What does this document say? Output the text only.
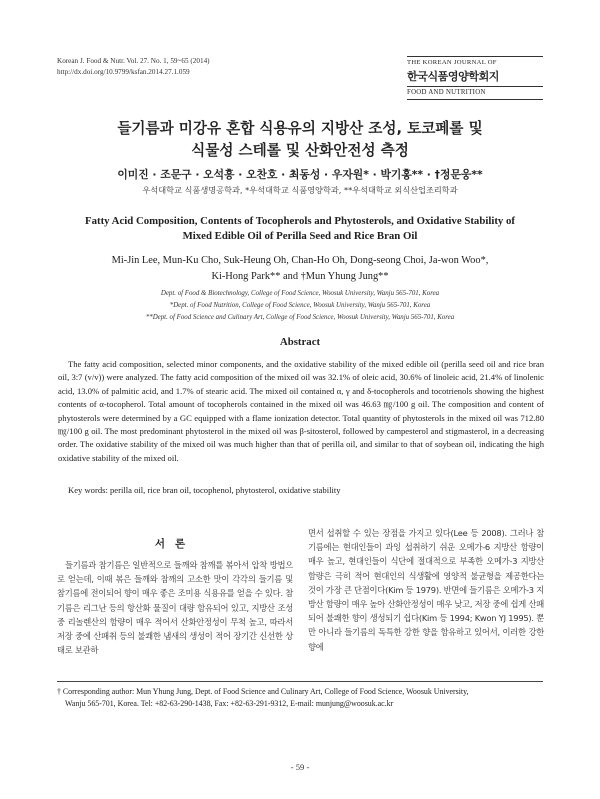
Korean J. Food & Nutr. Vol. 27. No. 1, 59~65 (2014)
http://dx.doi.org/10.9799/ksfan.2014.27.1.059
THE KOREAN JOURNAL OF
한국식품영양학회지
FOOD AND NUTRITION
들기름과 미강유 혼합 식용유의 지방산 조성, 토코페롤 및
식물성 스테롤 및 산화안전성 측정
이미진 · 조문구 · 오석흥 · 오찬호 · 최동성 · 우자원* · 박기홍** · †정문웅**
우석대학교 식품생명공학과, *우석대학교 식품영양학과, **우석대학교 외식산업조리학과
Fatty Acid Composition, Contents of Tocopherols and Phytosterols, and Oxidative Stability of
Mixed Edible Oil of Perilla Seed and Rice Bran Oil
Mi-Jin Lee, Mun-Ku Cho, Suk-Heung Oh, Chan-Ho Oh, Dong-seong Choi, Ja-won Woo*,
Ki-Hong Park** and †Mun Yhung Jung**
Dept. of Food & Biotechnology, College of Food Science, Woosuk University, Wanju 565-701, Korea
*Dept. of Food Nutrition, College of Food Science, Woosuk University, Wanju 565-701, Korea
**Dept. of Food Science and Culinary Art, College of Food Science, Woosuk University, Wanju 565-701, Korea
Abstract
The fatty acid composition, selected minor components, and the oxidative stability of the mixed edible oil (perilla seed oil and rice bran oil, 3:7 (v/v)) were analyzed. The fatty acid composition of the mixed oil was 32.1% of oleic acid, 30.6% of linoleic acid, 21.4% of linolenic acid, 13.0% of palmitic acid, and 1.7% of stearic acid. The mixed oil contained α, γ and δ-tocopherols and tocotrienols showing the highest contents of α-tocopherol. Total amount of tocopherols contained in the mixed oil was 46.63 ㎎/100 g oil. The composition and content of phytosterols were determined by a GC equipped with a flame ionization detector. Total quantity of phytosterols in the mixed oil was 712.80 ㎎/100 g oil. The most predominant phytosterol in the mixed oil was β-sitosterol, followed by campesterol and stigmasterol, in a decreasing order. The oxidative stability of the mixed oil was much higher than that of perilla oil, and similar to that of soybean oil, indicating the high oxidative stability of the mixed oil.
Key words: perilla oil, rice bran oil, tocophenol, phytosterol, oxidative stability
서론
들기름과 참기름은 일반적으로 들깨와 참깨를 볶아서 압착 방법으로 얻는데, 이때 볶은 들깨와 참깨의 고소한 맛이 각각의 들기름 및 참기름에 전이되어 향이 매우 좋은 조미용 식용유를 얻을 수 있다. 참기름은 리그난 등의 항산화 물질이 대량 함유되어 있고, 지방산 조성 중 리놀렌산의 함량이 매우 적어서 산화안정성이 무척 높고, 따라서 저장 중에 산패취 등의 불쾌한 냄새의 생성이 적어 장기간 신선한 상태로 보관하
면서 섭취할 수 있는 장점을 가지고 있다(Lee 등 2008). 그러나 참기름에는 현대인들이 과잉 섭취하기 쉬운 오메가-6 지방산 함량이 매우 높고, 현대인들이 식단에 절대적으로 부족한 오메가-3 지방산 함량은 극히 적어 현대인의 식생활에 영양적 불균형을 제공한다는 것이 가장 큰 단점이다(Kim 등 1979). 반면에 들기름은 오메가-3 지방산 함량이 매우 높아 산화안정성이 매우 낮고, 저장 중에 쉽게 산패되어 불쾌한 향이 생성되기 쉽다(Kim 등 1994; Kwon YJ 1995). 뿐만 아니라 들기름의 독특한 강한 향을 함유하고 있어서, 이러한 강한 향에
† Corresponding author: Mun Yhung Jung, Dept. of Food Science and Culinary Art, College of Food Science, Woosuk University,
Wanju 565-701, Korea. Tel: +82-63-290-1438, Fax: +82-63-291-9312, E-mail: munjung@woosuk.ac.kr
- 59 -
